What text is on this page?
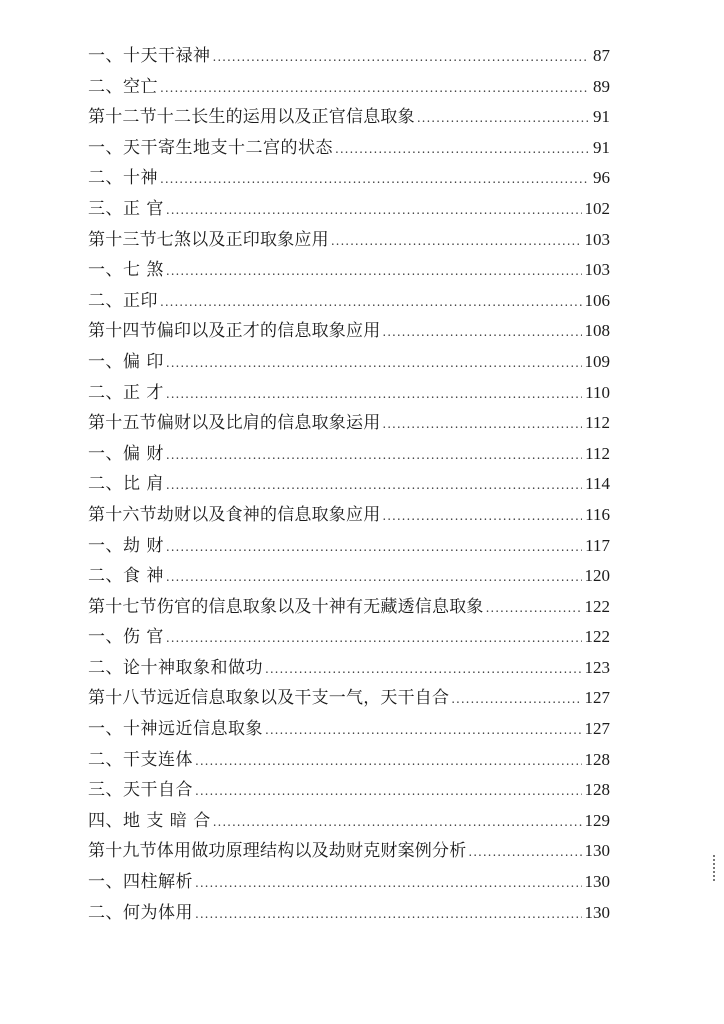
一、十天干禄神 .....	87
二、空亡 .....	89
第十二节十二长生的运用以及正官信息取象 .....	91
一、天干寄生地支十二宫的状态 .....	91
二、十神 .....	96
三、正 官 .....	102
第十三节七煞以及正印取象应用 .....	103
一、七 煞 .....	103
二、正印 .....	106
第十四节偏印以及正才的信息取象应用 .....	108
一、偏 印 .....	109
二、正 才 .....	110
第十五节偏财以及比肩的信息取象运用 .....	112
一、偏 财 .....	112
二、比 肩 .....	114
第十六节劫财以及食神的信息取象应用 .....	116
一、劫 财 .....	117
二、食 神 .....	120
第十七节伤官的信息取象以及十神有无藏透信息取象 .....	122
一、伤 官 .....	122
二、论十神取象和做功 .....	123
第十八节远近信息取象以及干支一气，天干自合 .....	127
一、十神远近信息取象 .....	127
二、干支连体 .....	128
三、天干自合 .....	128
四、地 支 暗 合 .....	129
第十九节体用做功原理结构以及劫财克财案例分析 .....	130
一、四柱解析 .....	130
二、何为体用 .....	130
